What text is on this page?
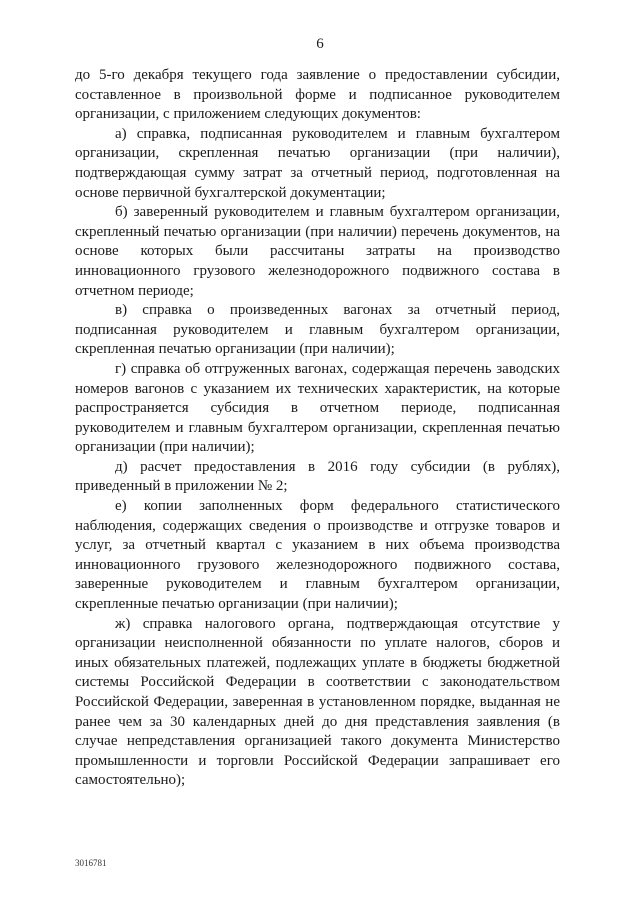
6

до 5-го декабря текущего года заявление о предоставлении субсидии, составленное в произвольной форме и подписанное руководителем организации, с приложением следующих документов:

а) справка, подписанная руководителем и главным бухгалтером организации, скрепленная печатью организации (при наличии), подтверждающая сумму затрат за отчетный период, подготовленная на основе первичной бухгалтерской документации;

б) заверенный руководителем и главным бухгалтером организации, скрепленный печатью организации (при наличии) перечень документов, на основе которых были рассчитаны затраты на производство инновационного грузового железнодорожного подвижного состава в отчетном периоде;

в) справка о произведенных вагонах за отчетный период, подписанная руководителем и главным бухгалтером организации, скрепленная печатью организации (при наличии);

г) справка об отгруженных вагонах, содержащая перечень заводских номеров вагонов с указанием их технических характеристик, на которые распространяется субсидия в отчетном периоде, подписанная руководителем и главным бухгалтером организации, скрепленная печатью организации (при наличии);

д) расчет предоставления в 2016 году субсидии (в рублях), приведенный в приложении № 2;

е) копии заполненных форм федерального статистического наблюдения, содержащих сведения о производстве и отгрузке товаров и услуг, за отчетный квартал с указанием в них объема производства инновационного грузового железнодорожного подвижного состава, заверенные руководителем и главным бухгалтером организации, скрепленные печатью организации (при наличии);

ж) справка налогового органа, подтверждающая отсутствие у организации неисполненной обязанности по уплате налогов, сборов и иных обязательных платежей, подлежащих уплате в бюджеты бюджетной системы Российской Федерации в соответствии с законодательством Российской Федерации, заверенная в установленном порядке, выданная не ранее чем за 30 календарных дней до дня представления заявления (в случае непредставления организацией такого документа Министерство промышленности и торговли Российской Федерации запрашивает его самостоятельно);

3016781
